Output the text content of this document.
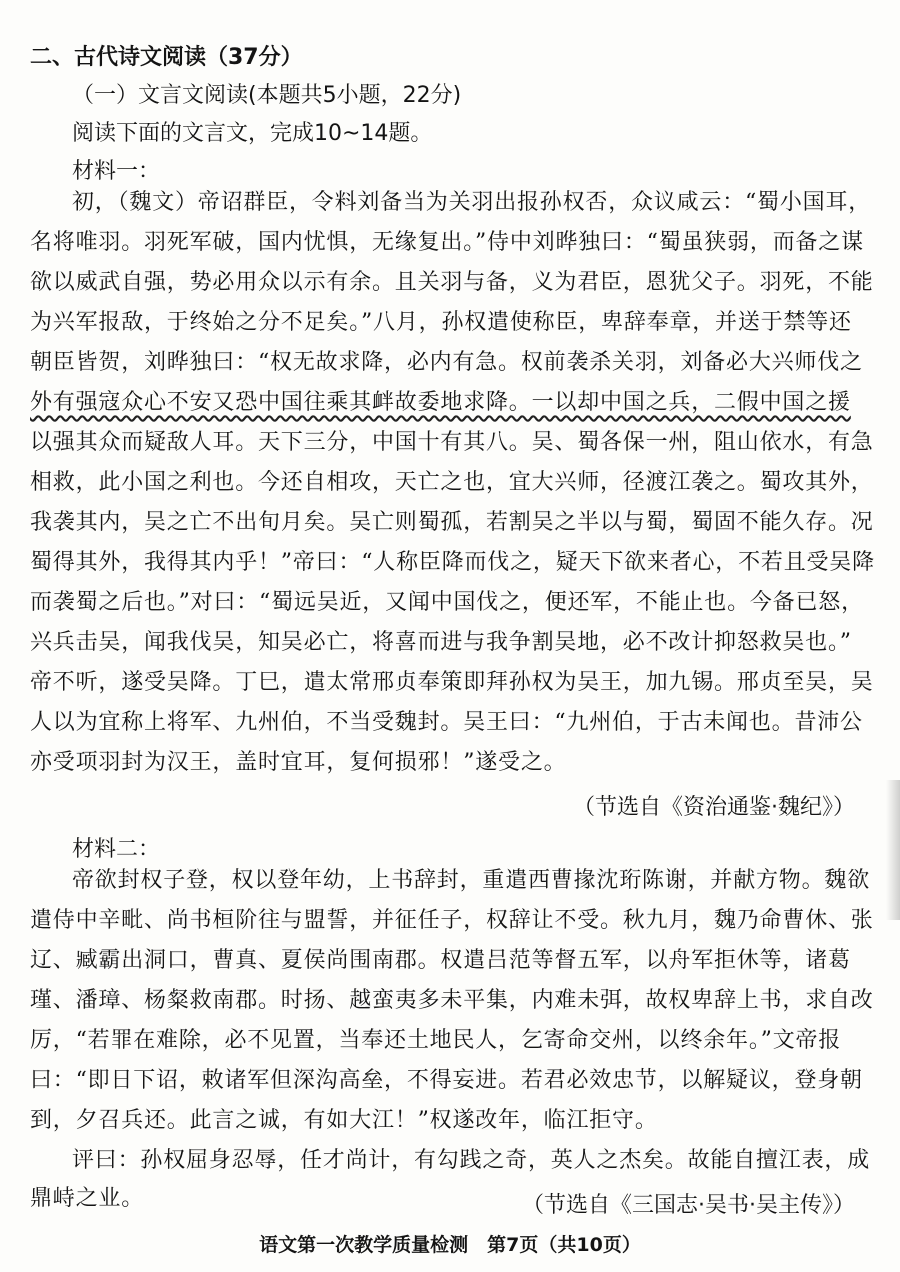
二、古代诗文阅读（37分）
（一）文言文阅读(本题共5小题，22分)
阅读下面的文言文，完成10~14题。
材料一：
初，（魏文）帝诏群臣，令料刘备当为关羽出报孙权否，众议咸云：“蜀小国耳，
名将唯羽。羽死军破，国内忧惧，无缘复出。”侍中刘晔独曰：“蜀虽狭弱，而备之谋
欲以威武自强，势必用众以示有余。且关羽与备，义为君臣，恩犹父子。羽死，不能
为兴军报敌，于终始之分不足矣。”八月，孙权遣使称臣，卑辞奉章，并送于禁等还
朝臣皆贺，刘晔独曰：“权无故求降，必内有急。权前袭杀关羽，刘备必大兴师伐之
外有强寇众心不安又恐中国往乘其衅故委地求降。一以却中国之兵，二假中国之援
以强其众而疑敌人耳。天下三分，中国十有其八。吴、蜀各保一州，阻山依水，有急
相救，此小国之利也。今还自相攻，天亡之也，宜大兴师，径渡江袭之。蜀攻其外，
我袭其内，吴之亡不出旬月矣。吴亡则蜀孤，若割吴之半以与蜀，蜀固不能久存。况
蜀得其外，我得其内乎！”帝曰：“人称臣降而伐之，疑天下欲来者心，不若且受吴降
而袭蜀之后也。”对曰：“蜀远吴近，又闻中国伐之，便还军，不能止也。今备已怒，
兴兵击吴，闻我伐吴，知吴必亡，将喜而进与我争割吴地，必不改计抑怒救吴也。”
帝不听，遂受吴降。丁巳，遣太常邢贞奉策即拜孙权为吴王，加九锡。邢贞至吴，吴
人以为宜称上将军、九州伯，不当受魏封。吴王曰：“九州伯，于古未闻也。昔沛公
亦受项羽封为汉王，盖时宜耳，复何损邪！”遂受之。
（节选自《资治通鉴·魏纪》）
材料二：
帝欲封权子登，权以登年幼，上书辞封，重遣西曹掾沈珩陈谢，并献方物。魏欲
遣侍中辛毗、尚书桓阶往与盟誓，并征任子，权辞让不受。秋九月，魏乃命曹休、张
辽、臧霸出洞口，曹真、夏侯尚围南郡。权遣吕范等督五军，以舟军拒休等，诸葛
瑾、潘璋、杨粲救南郡。时扬、越蛮夷多未平集，内难未弭，故权卑辞上书，求自改
厉，“若罪在难除，必不见置，当奉还土地民人，乞寄命交州，以终余年。”文帝报
曰：“即日下诏，敕诸军但深沟高垒，不得妄进。若君必效忠节，以解疑议，登身朝
到，夕召兵还。此言之诚，有如大江！”权遂改年，临江拒守。
评曰：孙权屈身忍辱，任才尚计，有勾践之奇，英人之杰矣。故能自擅江表，成
鼎峙之业。	（节选自《三国志·吴书·吴主传》）
语文第一次教学质量检测　第7页（共10页）
